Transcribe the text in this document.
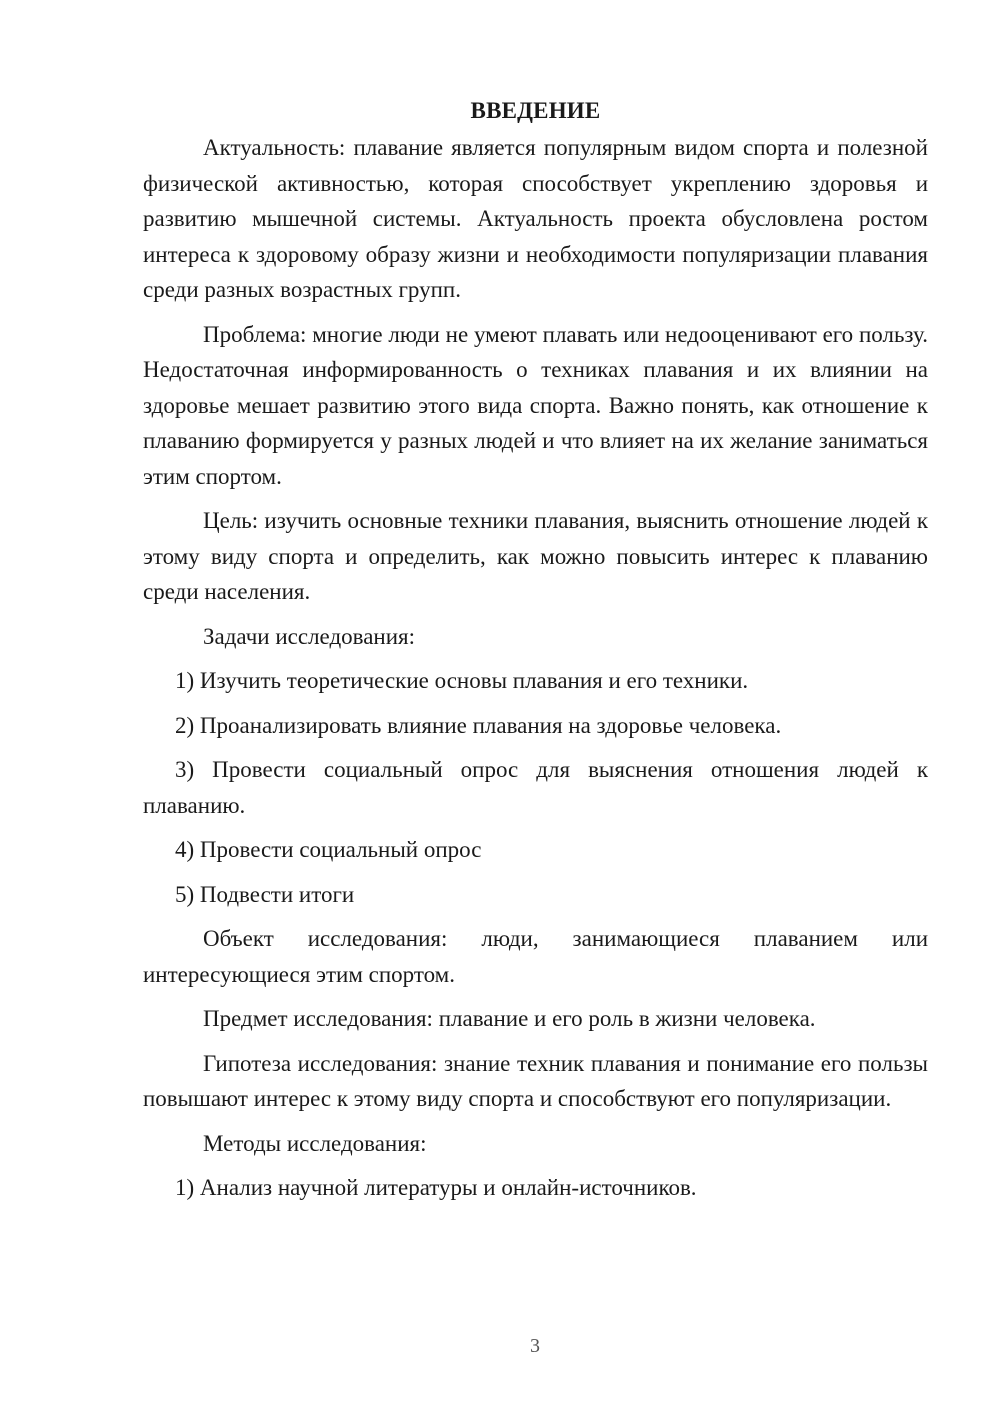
ВВЕДЕНИЕ

Актуальность: плавание является популярным видом спорта и полезной физической активностью, которая способствует укреплению здоровья и развитию мышечной системы. Актуальность проекта обусловлена ростом интереса к здоровому образу жизни и необходимости популяризации плавания среди разных возрастных групп.

Проблема: многие люди не умеют плавать или недооценивают его пользу. Недостаточная информированность о техниках плавания и их влиянии на здоровье мешает развитию этого вида спорта. Важно понять, как отношение к плаванию формируется у разных людей и что влияет на их желание заниматься этим спортом.

Цель: изучить основные техники плавания, выяснить отношение людей к этому виду спорта и определить, как можно повысить интерес к плаванию среди населения.

Задачи исследования:

1) Изучить теоретические основы плавания и его техники.

2) Проанализировать влияние плавания на здоровье человека.

3) Провести социальный опрос для выяснения отношения людей к плаванию.

4) Провести социальный опрос

5) Подвести итоги

Объект исследования: люди, занимающиеся плаванием или интересующиеся этим спортом.

Предмет исследования: плавание и его роль в жизни человека.

Гипотеза исследования: знание техник плавания и понимание его пользы повышают интерес к этому виду спорта и способствуют его популяризации.

Методы исследования:

1) Анализ научной литературы и онлайн-источников.

3
